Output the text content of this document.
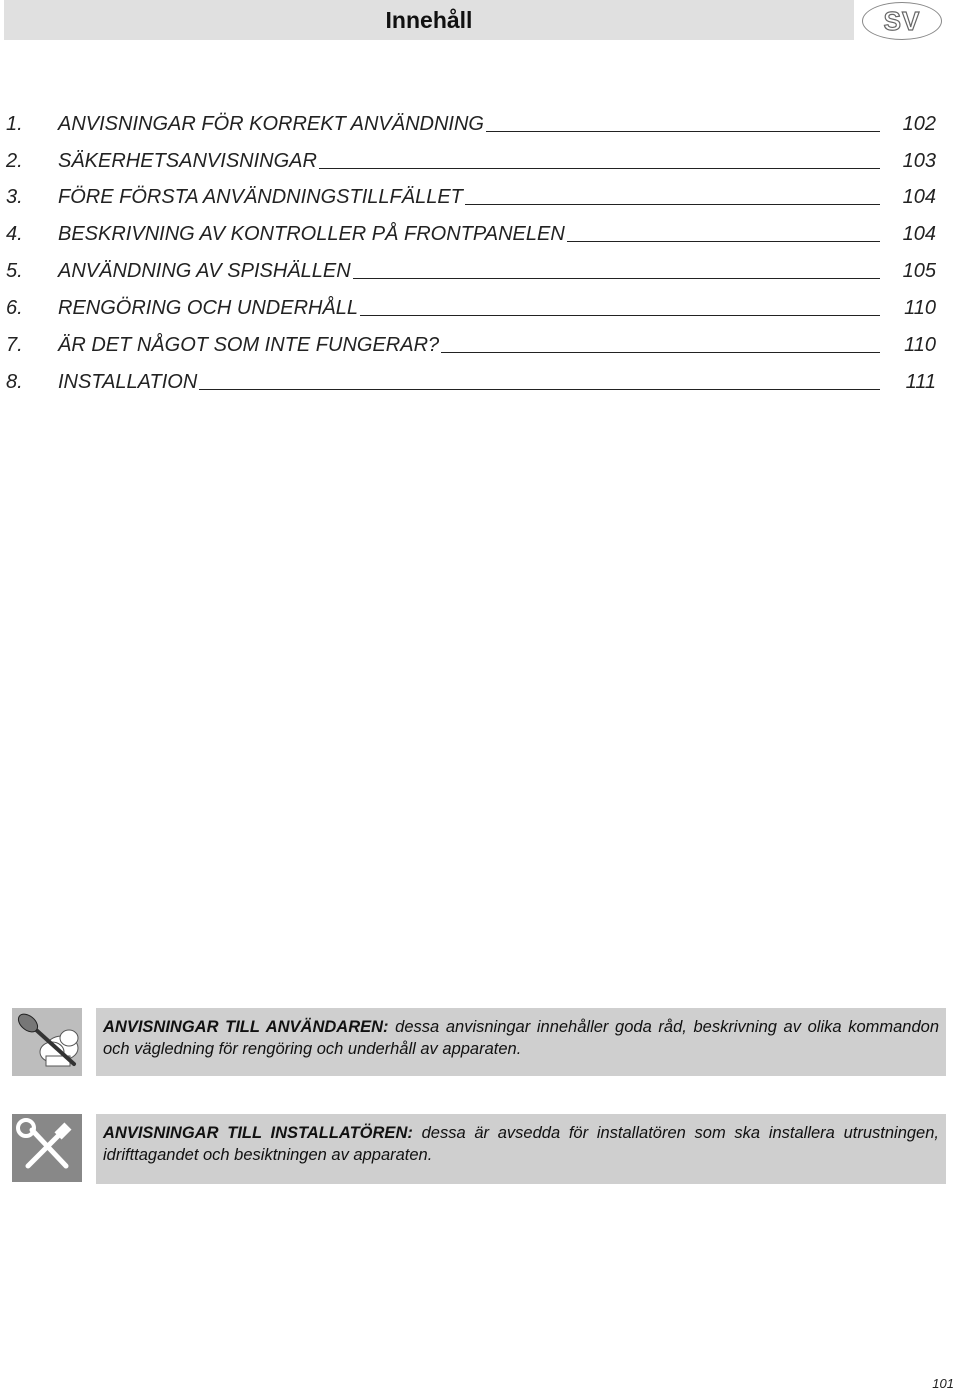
Innehåll	SV
1.	ANVISNINGAR FÖR KORREKT ANVÄNDNING	102
2.	SÄKERHETSANVISNINGAR	103
3.	FÖRE FÖRSTA ANVÄNDNINGSTILLFÄLLET	104
4.	BESKRIVNING AV KONTROLLER PÅ FRONTPANELEN	104
5.	ANVÄNDNING AV SPISHÄLLEN	105
6.	RENGÖRING OCH UNDERHÅLL	110
7.	ÄR DET NÅGOT SOM INTE FUNGERAR?	110
8.	INSTALLATION	111
ANVISNINGAR TILL ANVÄNDAREN: dessa anvisningar innehåller goda råd, beskrivning av olika kommandon och vägledning för rengöring och underhåll av apparaten.
ANVISNINGAR TILL INSTALLATÖREN: dessa är avsedda för installatören som ska installera utrustningen, idrifttagandet och besiktningen av apparaten.
101
